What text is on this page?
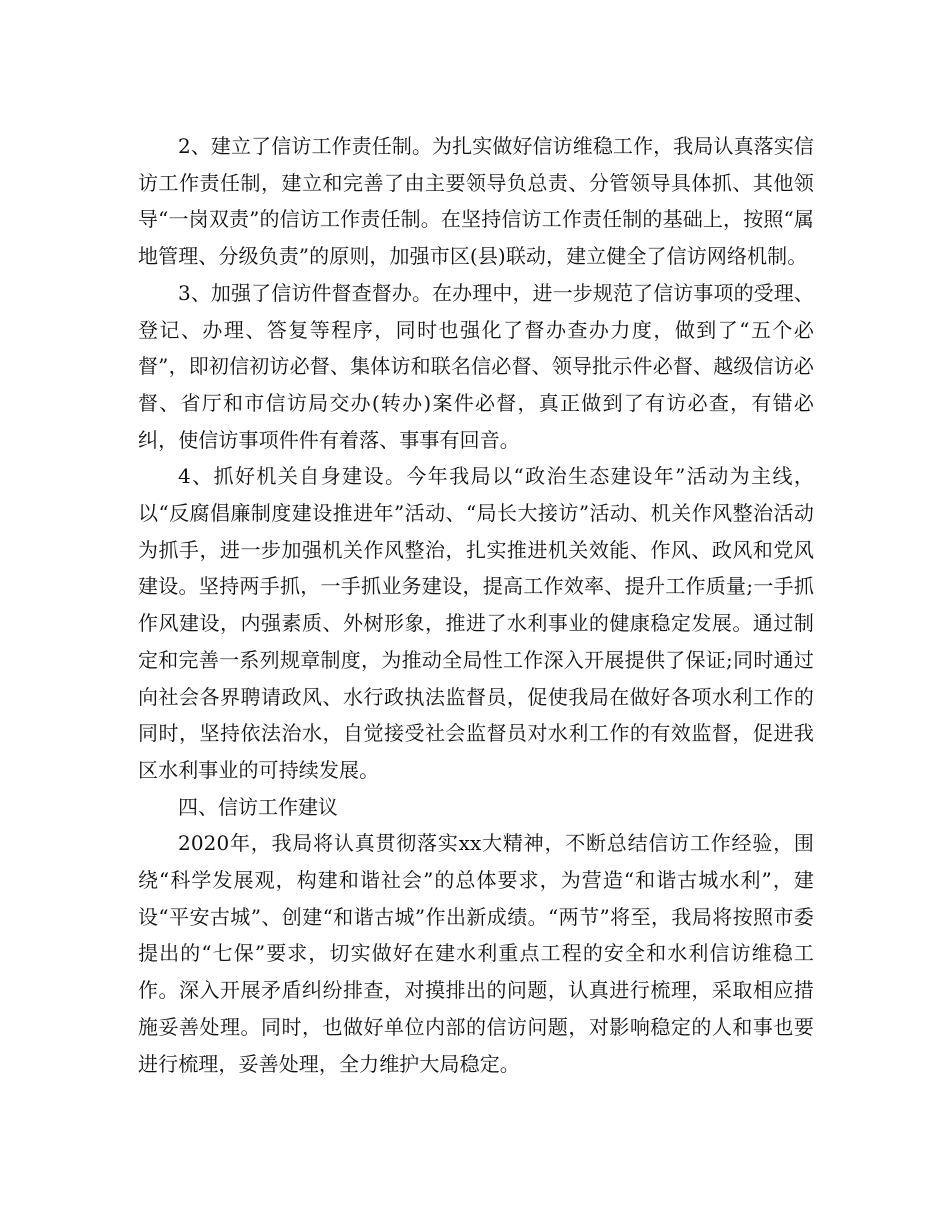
2、建立了信访工作责任制。为扎实做好信访维稳工作，我局认真落实信访工作责任制，建立和完善了由主要领导负总责、分管领导具体抓、其他领导“一岗双责”的信访工作责任制。在坚持信访工作责任制的基础上，按照“属地管理、分级负责”的原则，加强市区(县)联动，建立健全了信访网络机制。

3、加强了信访件督查督办。在办理中，进一步规范了信访事项的受理、登记、办理、答复等程序，同时也强化了督办查办力度，做到了“五个必督”，即初信初访必督、集体访和联名信必督、领导批示件必督、越级信访必督、省厅和市信访局交办(转办)案件必督，真正做到了有访必查，有错必纠，使信访事项件件有着落、事事有回音。

4、抓好机关自身建设。今年我局以“政治生态建设年”活动为主线，以“反腐倡廉制度建设推进年”活动、“局长大接访”活动、机关作风整治活动为抓手，进一步加强机关作风整治，扎实推进机关效能、作风、政风和党风建设。坚持两手抓，一手抓业务建设，提高工作效率、提升工作质量;一手抓作风建设，内强素质、外树形象，推进了水利事业的健康稳定发展。通过制定和完善一系列规章制度，为推动全局性工作深入开展提供了保证;同时通过向社会各界聘请政风、水行政执法监督员，促使我局在做好各项水利工作的同时，坚持依法治水，自觉接受社会监督员对水利工作的有效监督，促进我区水利事业的可持续发展。

四、信访工作建议

2020年，我局将认真贯彻落实xx大精神，不断总结信访工作经验，围绕“科学发展观，构建和谐社会”的总体要求，为营造“和谐古城水利”，建设“平安古城”、创建“和谐古城”作出新成绩。“两节”将至，我局将按照市委提出的“七保”要求，切实做好在建水利重点工程的安全和水利信访维稳工作。深入开展矛盾纠纷排查，对摸排出的问题，认真进行梳理，采取相应措施妥善处理。同时，也做好单位内部的信访问题，对影响稳定的人和事也要进行梳理，妥善处理，全力维护大局稳定。
